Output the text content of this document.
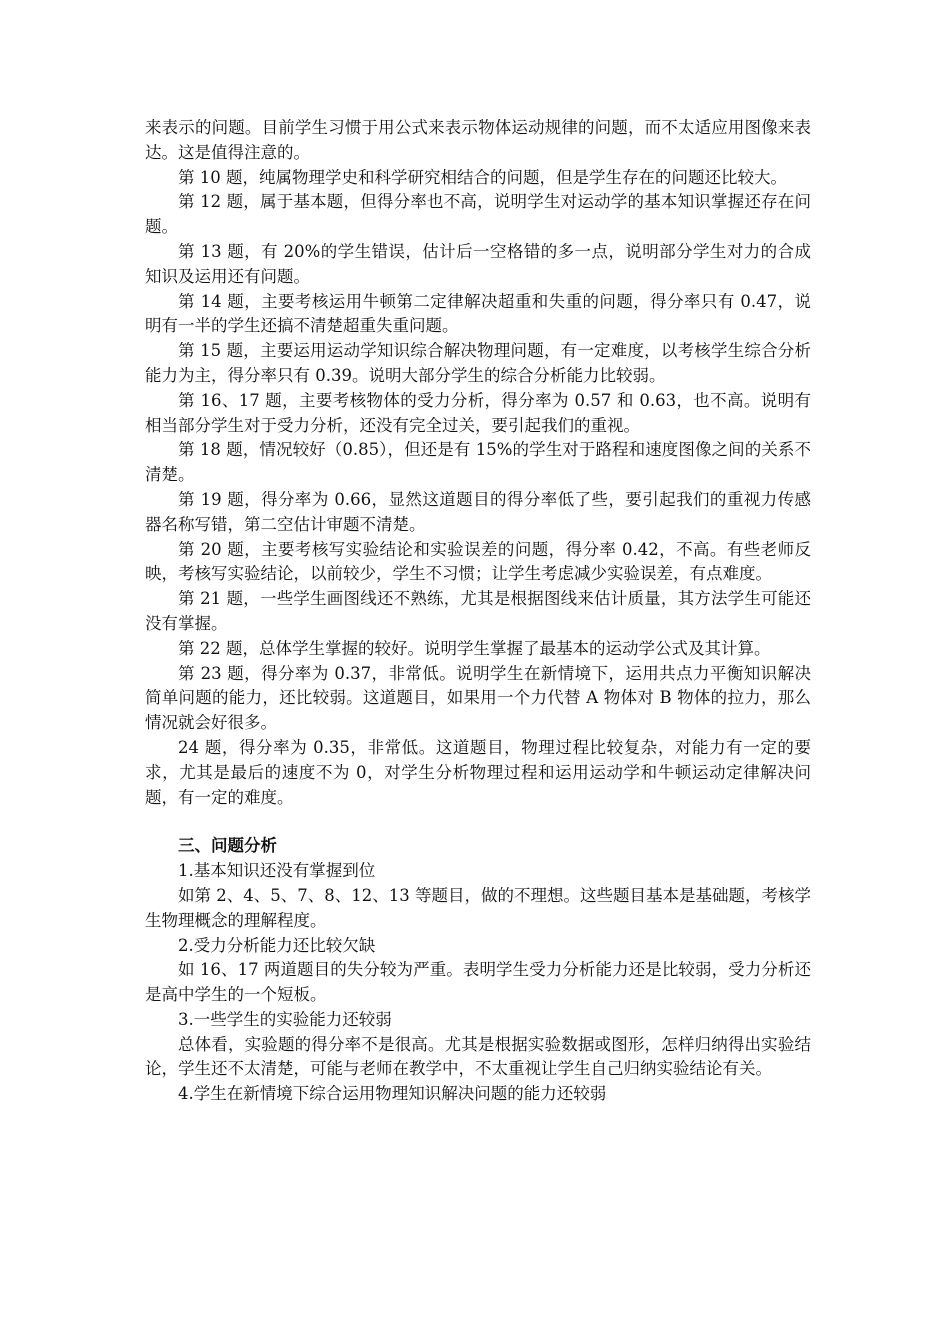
来表示的问题。目前学生习惯于用公式来表示物体运动规律的问题，而不太适应用图像来表达。这是值得注意的。

第 10 题，纯属物理学史和科学研究相结合的问题，但是学生存在的问题还比较大。

第 12 题，属于基本题，但得分率也不高，说明学生对运动学的基本知识掌握还存在问题。

第 13 题，有 20%的学生错误，估计后一空格错的多一点，说明部分学生对力的合成知识及运用还有问题。

第 14 题，主要考核运用牛顿第二定律解决超重和失重的问题，得分率只有 0.47，说明有一半的学生还搞不清楚超重失重问题。

第 15 题，主要运用运动学知识综合解决物理问题，有一定难度，以考核学生综合分析能力为主，得分率只有 0.39。说明大部分学生的综合分析能力比较弱。

第 16、17 题，主要考核物体的受力分析，得分率为 0.57 和 0.63，也不高。说明有相当部分学生对于受力分析，还没有完全过关，要引起我们的重视。

第 18 题，情况较好（0.85），但还是有 15%的学生对于路程和速度图像之间的关系不清楚。

第 19 题，得分率为 0.66，显然这道题目的得分率低了些，要引起我们的重视力传感器名称写错，第二空估计审题不清楚。

第 20 题，主要考核写实验结论和实验误差的问题，得分率 0.42，不高。有些老师反映，考核写实验结论，以前较少，学生不习惯；让学生考虑减少实验误差，有点难度。

第 21 题，一些学生画图线还不熟练，尤其是根据图线来估计质量，其方法学生可能还没有掌握。

第 22 题，总体学生掌握的较好。说明学生掌握了最基本的运动学公式及其计算。

第 23 题，得分率为 0.37，非常低。说明学生在新情境下，运用共点力平衡知识解决简单问题的能力，还比较弱。这道题目，如果用一个力代替 A 物体对 B 物体的拉力，那么情况就会好很多。

24 题，得分率为 0.35，非常低。这道题目，物理过程比较复杂，对能力有一定的要求，尤其是最后的速度不为 0，对学生分析物理过程和运用运动学和牛顿运动定律解决问题，有一定的难度。

三、问题分析

1.基本知识还没有掌握到位

如第 2、4、5、7、8、12、13 等题目，做的不理想。这些题目基本是基础题，考核学生物理概念的理解程度。

2.受力分析能力还比较欠缺

如 16、17 两道题目的失分较为严重。表明学生受力分析能力还是比较弱，受力分析还是高中学生的一个短板。

3.一些学生的实验能力还较弱

总体看，实验题的得分率不是很高。尤其是根据实验数据或图形，怎样归纳得出实验结论，学生还不太清楚，可能与老师在教学中，不太重视让学生自己归纳实验结论有关。

4.学生在新情境下综合运用物理知识解决问题的能力还较弱
